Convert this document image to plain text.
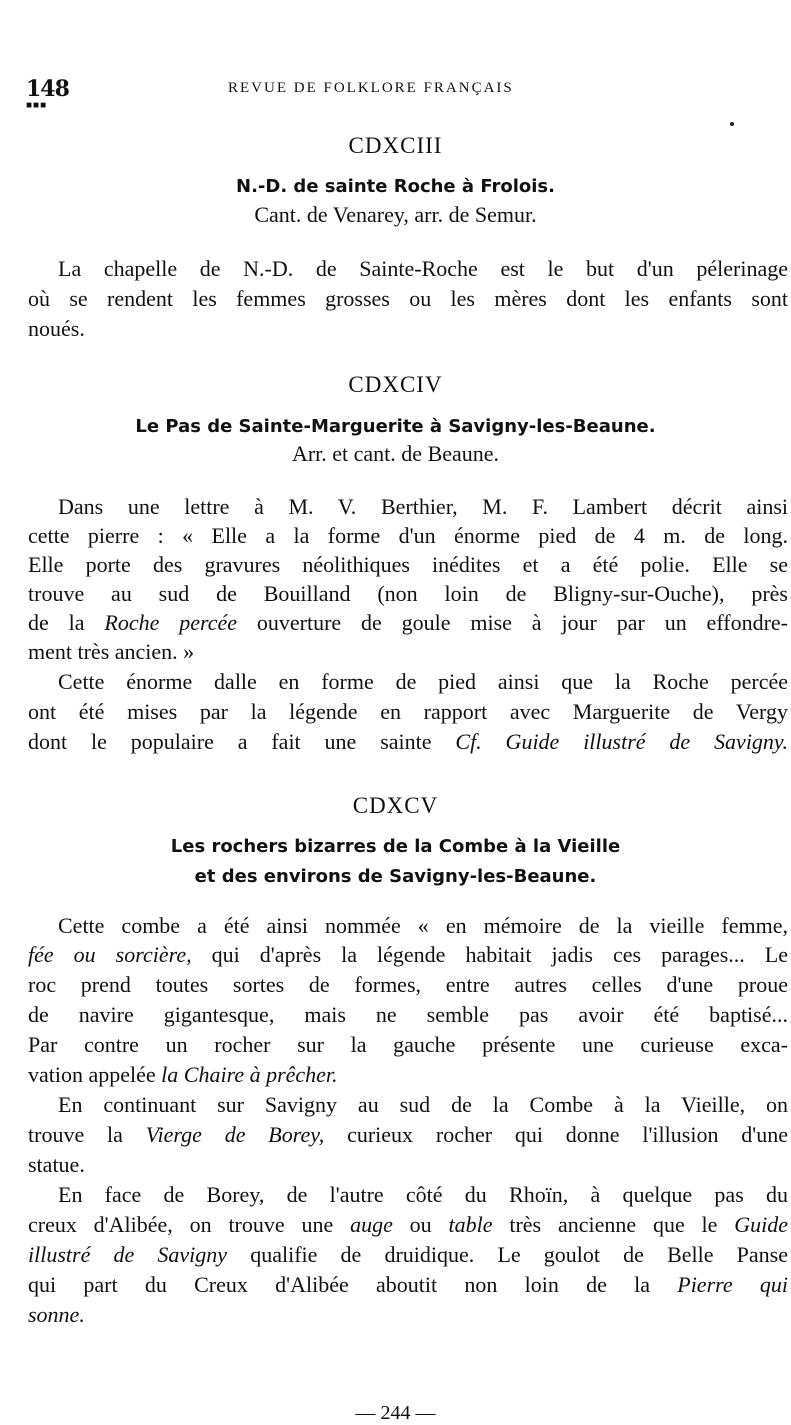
148
■■■
REVUE DE FOLKLORE FRANÇAIS
CDXCIII
N.-D. de sainte Roche à Frolois.
Cant. de Venarey, arr. de Semur.
La chapelle de N.-D. de Sainte-Roche est le but d'un pélerinage
où se rendent les femmes grosses ou les mères dont les enfants sont
noués.
CDXCIV
Le Pas de Sainte-Marguerite à Savigny-les-Beaune.
Arr. et cant. de Beaune.
Dans une lettre à M. V. Berthier, M. F. Lambert décrit ainsi
cette pierre : « Elle a la forme d'un énorme pied de 4 m. de long.
Elle porte des gravures néolithiques inédites et a été polie. Elle se
trouve au sud de Bouilland (non loin de Bligny-sur-Ouche), près
de la Roche percée ouverture de goule mise à jour par un effondre-
ment très ancien. »
Cette énorme dalle en forme de pied ainsi que la Roche percée
ont été mises par la légende en rapport avec Marguerite de Vergy
dont le populaire a fait une sainte Cf. Guide illustré de Savigny.
CDXCV
Les rochers bizarres de la Combe à la Vieille
et des environs de Savigny-les-Beaune.
Cette combe a été ainsi nommée « en mémoire de la vieille femme,
fée ou sorcière, qui d'après la légende habitait jadis ces parages... Le
roc prend toutes sortes de formes, entre autres celles d'une proue
de navire gigantesque, mais ne semble pas avoir été baptisé...
Par contre un rocher sur la gauche présente une curieuse exca-
vation appelée la Chaire à prêcher.
En continuant sur Savigny au sud de la Combe à la Vieille, on
trouve la Vierge de Borey, curieux rocher qui donne l'illusion d'une
statue.
En face de Borey, de l'autre côté du Rhoïn, à quelque pas du
creux d'Alibée, on trouve une auge ou table très ancienne que le Guide
illustré de Savigny qualifie de druidique. Le goulot de Belle Panse
qui part du Creux d'Alibée aboutit non loin de la Pierre qui
sonne.
— 244 —
